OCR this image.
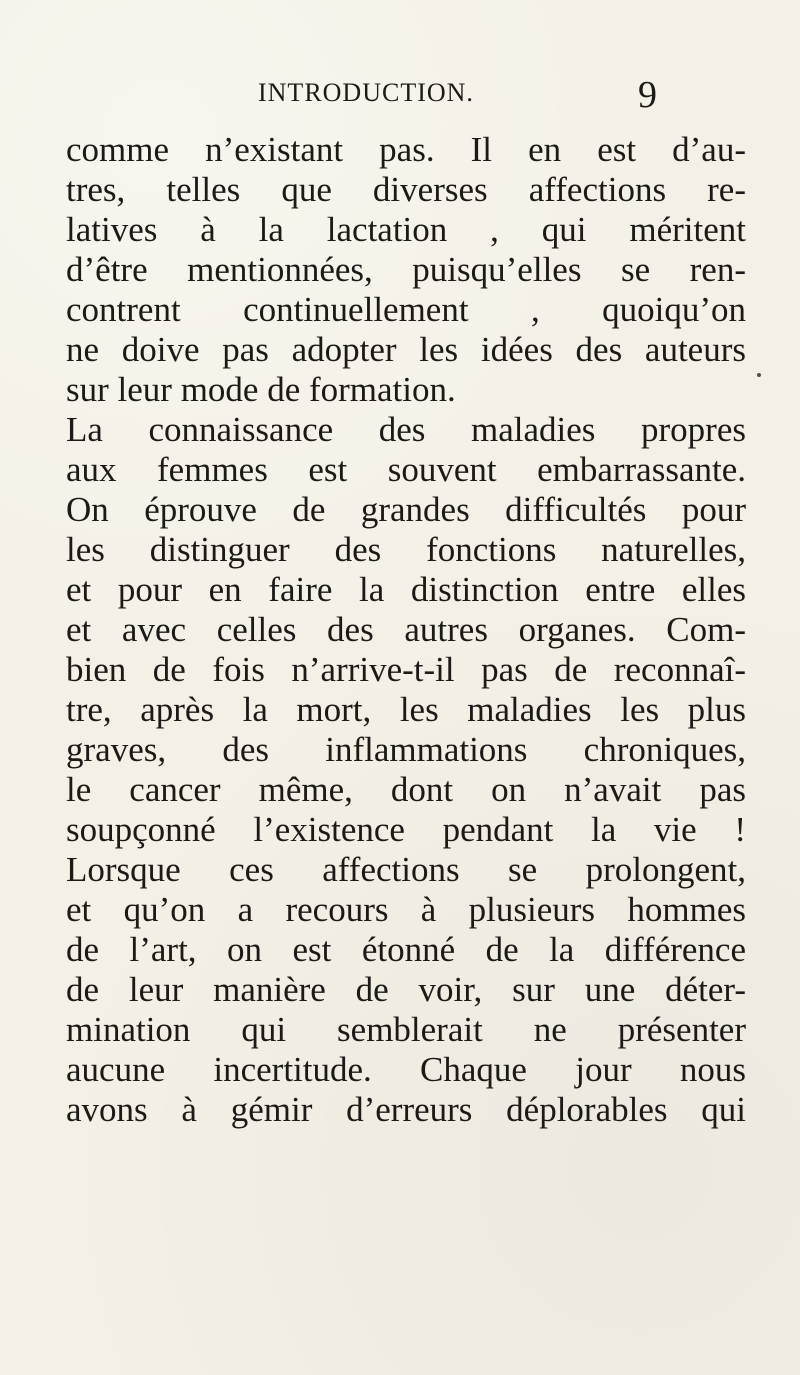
INTRODUCTION.	9
comme n’existant pas. Il en est d’au-
tres, telles que diverses affections re-
latives à la lactation , qui méritent
d’être mentionnées, puisqu’elles se ren-
contrent continuellement , quoiqu’on
ne doive pas adopter les idées des auteurs
sur leur mode de formation.
La connaissance des maladies propres
aux femmes est souvent embarrassante.
On éprouve de grandes difficultés pour
les distinguer des fonctions naturelles,
et pour en faire la distinction entre elles
et avec celles des autres organes. Com-
bien de fois n’arrive-t-il pas de reconnaî-
tre, après la mort, les maladies les plus
graves, des inflammations chroniques,
le cancer même, dont on n’avait pas
soupçonné l’existence pendant la vie !
Lorsque ces affections se prolongent,
et qu’on a recours à plusieurs hommes
de l’art, on est étonné de la différence
de leur manière de voir, sur une déter-
mination qui semblerait ne présenter
aucune incertitude. Chaque jour nous
avons à gémir d’erreurs déplorables qui
